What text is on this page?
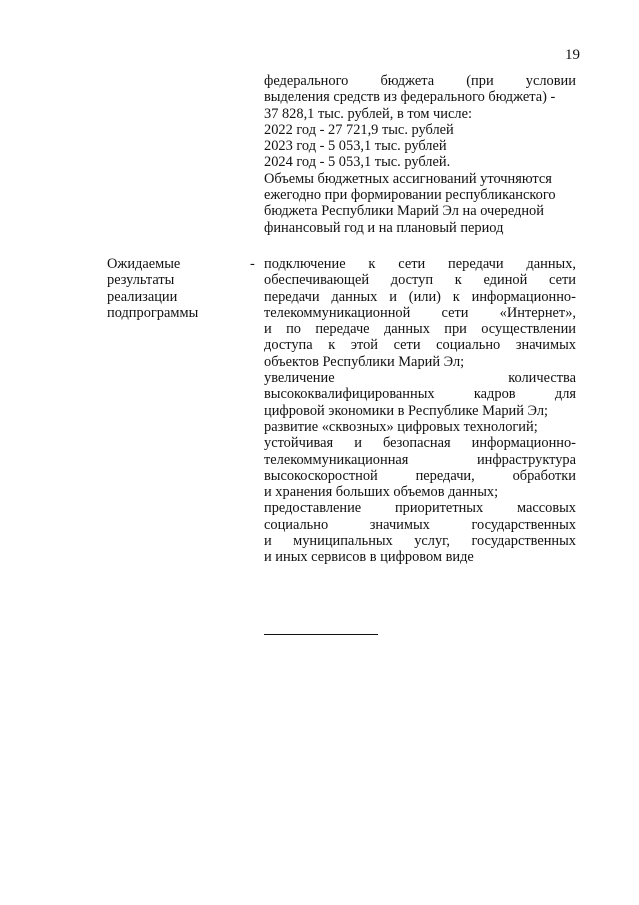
19
федерального бюджета (при условии
выделения средств из федерального бюджета) -
37 828,1 тыс. рублей, в том числе:
2022 год - 27 721,9 тыс. рублей
2023 год - 5 053,1 тыс. рублей
2024 год - 5 053,1 тыс. рублей.
Объемы бюджетных ассигнований уточняются
ежегодно при формировании республиканского
бюджета Республики Марий Эл на очередной
финансовый год и на плановый период
Ожидаемые
результаты
реализации
подпрограммы
- подключение к сети передачи данных,
обеспечивающей доступ к единой сети
передачи данных и (или) к информационно-
телекоммуникационной сети «Интернет»,
и по передаче данных при осуществлении
доступа к этой сети социально значимых
объектов Республики Марий Эл;
увеличение	количества
высококвалифицированных	кадров	для
цифровой экономики в Республике Марий Эл;
развитие «сквозных» цифровых технологий;
устойчивая и безопасная информационно-
телекоммуникационная	инфраструктура
высокоскоростной	передачи,	обработки
и хранения больших объемов данных;
предоставление приоритетных массовых
социально	значимых	государственных
и муниципальных услуг, государственных
и иных сервисов в цифровом виде
